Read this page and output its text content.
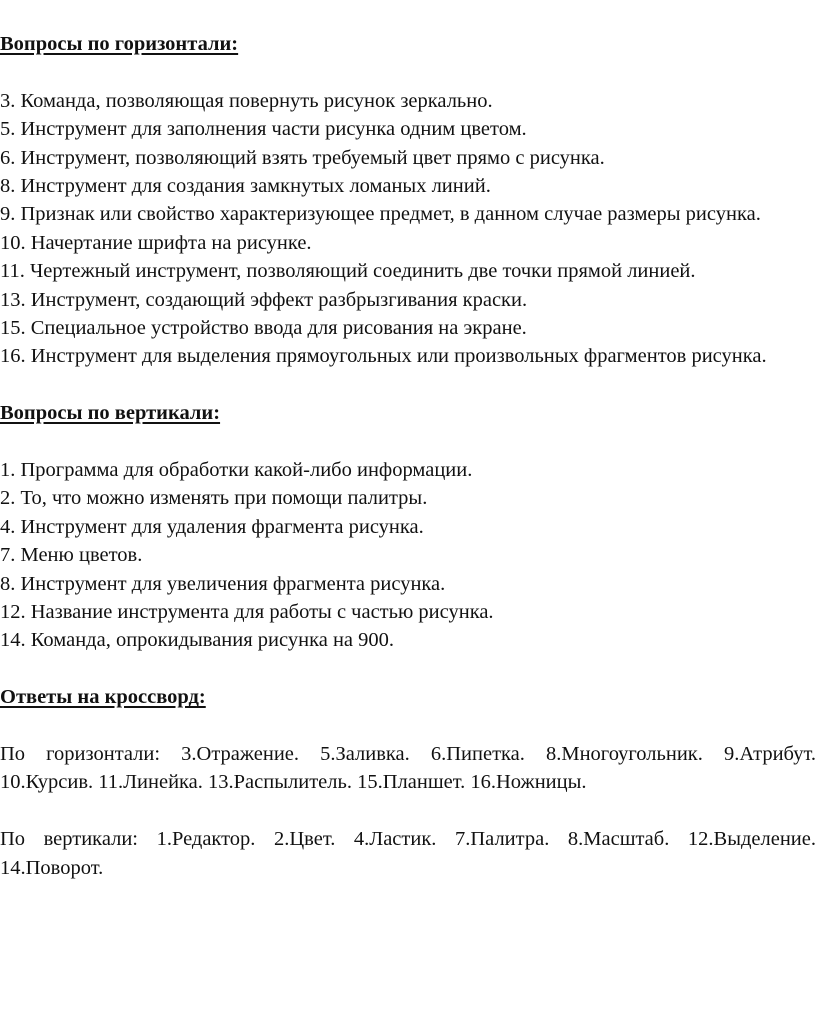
Вопросы по горизонтали:

3. Команда, позволяющая повернуть рисунок зеркально.

5. Инструмент для заполнения части рисунка одним цветом.

6. Инструмент, позволяющий взять требуемый цвет прямо с рисунка.

8. Инструмент для создания замкнутых ломаных линий.

9. Признак или свойство характеризующее предмет, в данном случае размеры рисунка.

10. Начертание шрифта на рисунке.

11. Чертежный инструмент, позволяющий соединить две точки прямой линией.

13. Инструмент, создающий эффект разбрызгивания краски.

15. Специальное устройство ввода для рисования на экране.

16. Инструмент для выделения прямоугольных или произвольных фрагментов рисунка.

Вопросы по вертикали:

1. Программа для обработки какой-либо информации.

2. То, что можно изменять при помощи палитры.

4. Инструмент для удаления фрагмента рисунка.

7. Меню цветов.

8. Инструмент для увеличения фрагмента рисунка.

12. Название инструмента для работы с частью рисунка.

14. Команда, опрокидывания рисунка на 900.

Ответы на кроссворд:

По горизонтали: 3.Отражение. 5.Заливка. 6.Пипетка. 8.Многоугольник. 9.Атрибут. 10.Курсив. 11.Линейка. 13.Распылитель. 15.Планшет. 16.Ножницы.

По вертикали: 1.Редактор. 2.Цвет. 4.Ластик. 7.Палитра. 8.Масштаб. 12.Выделение. 14.Поворот.
